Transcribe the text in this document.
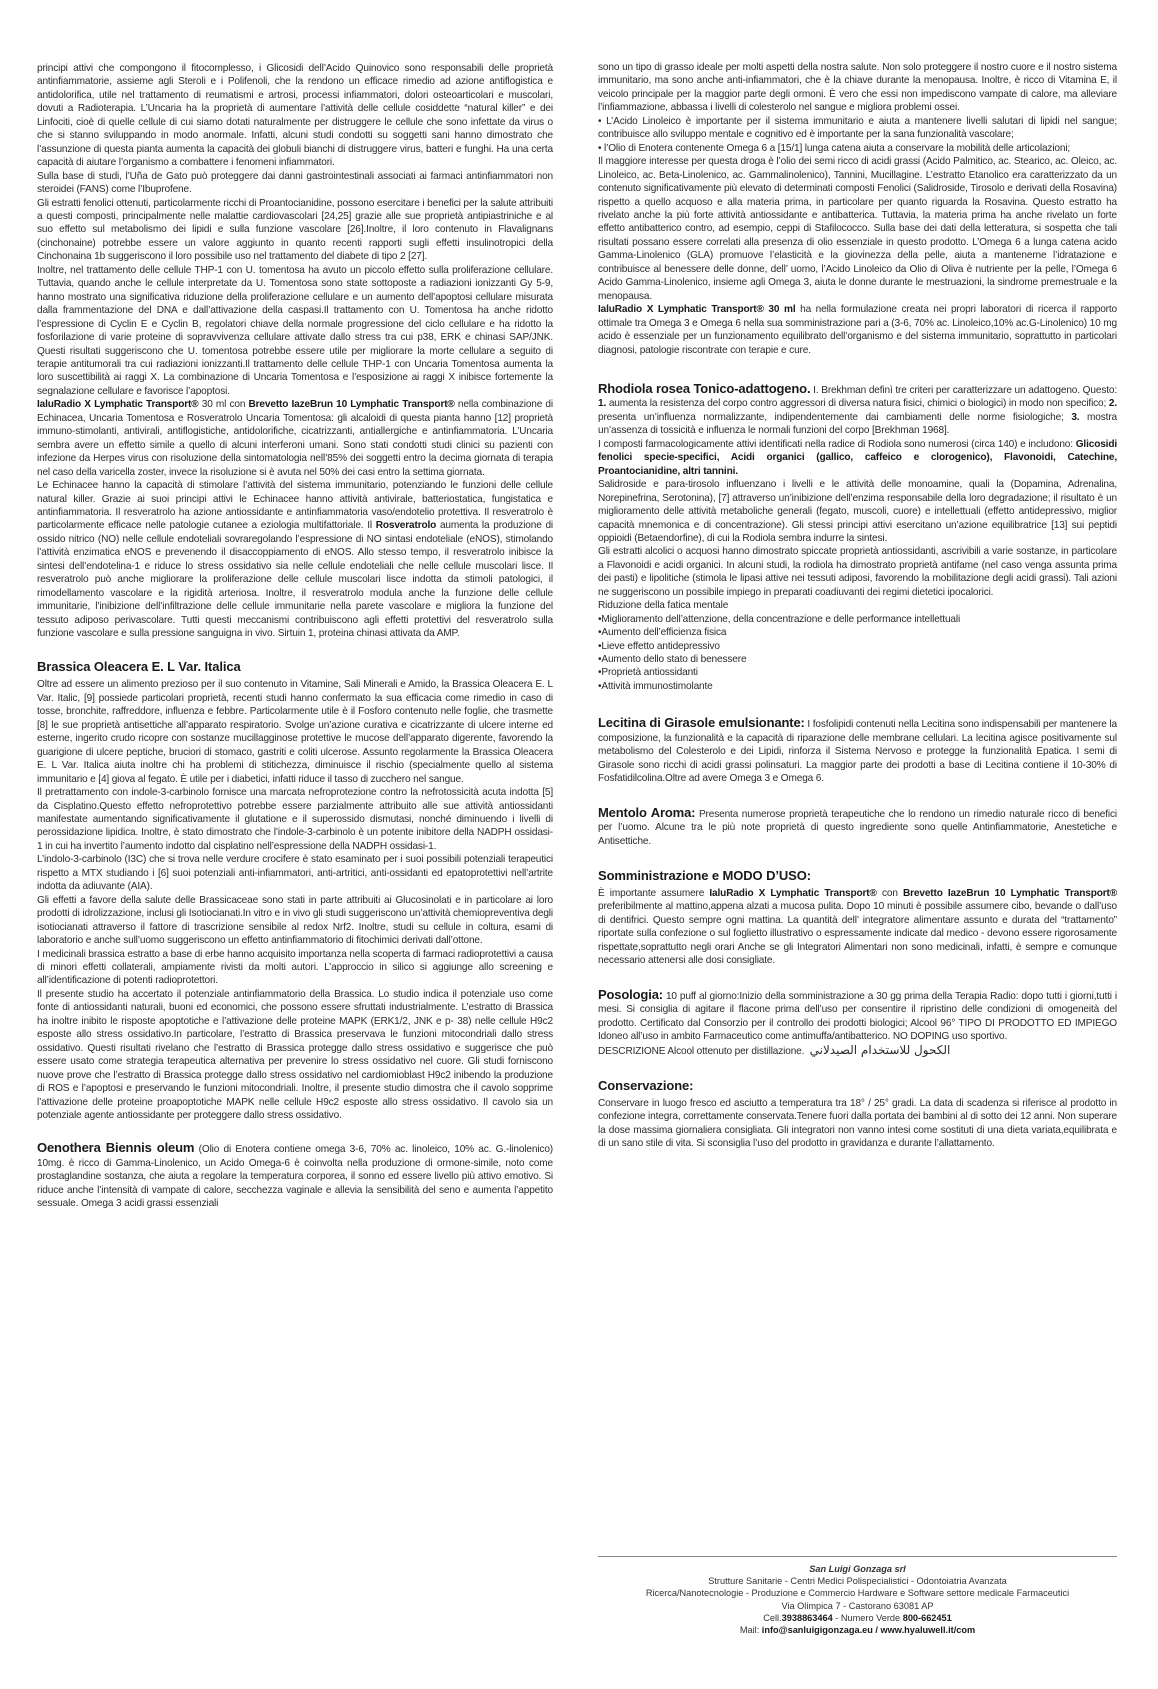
principi attivi che compongono il fitocomplesso, i Glicosidi dell’Acido Quinovico sono responsabili delle proprietà antinfiammatorie, assieme agli Steroli e i Polifenoli, che la rendono un efficace rimedio ad azione antiflogistica e antidolorifica, utile nel trattamento di reumatismi e artrosi, processi infiammatori, dolori osteoarticolari e muscolari, dovuti a Radioterapia. L’Uncaria ha la proprietà di aumentare l’attività delle cellule cosiddette “natural killer” e dei Linfociti, cioè di quelle cellule di cui siamo dotati naturalmente per distruggere le cellule che sono infettate da virus o che si stanno sviluppando in modo anormale. Infatti, alcuni studi condotti su soggetti sani hanno dimostrato che l’assunzione di questa pianta aumenta la capacità dei globuli bianchi di distruggere virus, batteri e funghi. Ha una certa capacità di aiutare l’organismo a combattere i fenomeni infiammatori.

Sulla base di studi, l’Uña de Gato può proteggere dai danni gastrointestinali associati ai farmaci antinfiammatori non steroidei (FANS) come l’Ibuprofene.

Gli estratti fenolici ottenuti, particolarmente ricchi di Proantocianidine, possono esercitare i benefici per la salute attribuiti a questi composti, principalmente nelle malattie cardiovascolari [24,25] grazie alle sue proprietà antipiastriniche e al suo effetto sul metabolismo dei lipidi e sulla funzione vascolare [26].Inoltre, il loro contenuto in Flavalignans (cinchonaine) potrebbe essere un valore aggiunto in quanto recenti rapporti sugli effetti insulinotropici della Cinchonaina 1b suggeriscono il loro possibile uso nel trattamento del diabete di tipo 2 [27].

Inoltre, nel trattamento delle cellule THP-1 con U. tomentosa ha avuto un piccolo effetto sulla proliferazione cellulare. Tuttavia, quando anche le cellule interpretate da U. Tomentosa sono state sottoposte a radiazioni ionizzanti Gy 5-9, hanno mostrato una significativa riduzione della proliferazione cellulare e un aumento dell’apoptosi cellulare misurata dalla frammentazione del DNA e dall’attivazione della caspasi.Il trattamento con U. Tomentosa ha anche ridotto l’espressione di Cyclin E e Cyclin B, regolatori chiave della normale progressione del ciclo cellulare e ha ridotto la fosforilazione di varie proteine di sopravvivenza cellulare attivate dallo stress tra cui p38, ERK e chinasi SAP/JNK. Questi risultati suggeriscono che U. tomentosa potrebbe essere utile per migliorare la morte cellulare a seguito di terapie antitumorali tra cui radiazioni ionizzanti.Il trattamento delle cellule THP-1 con Uncaria Tomentosa aumenta la loro suscettibilità ai raggi X. La combinazione di Uncaria Tomentosa e l’esposizione ai raggi X inibisce fortemente la segnalazione cellulare e favorisce l’apoptosi.

IaluRadio X Lymphatic Transport® 30 ml con Brevetto IazeBrun 10 Lymphatic Transport® nella combinazione di Echinacea, Uncaria Tomentosa e Rosveratrolo Uncaria Tomentosa: gli alcaloidi di questa pianta hanno [12] proprietà immuno-stimolanti, antivirali, antiflogistiche, antidolorifiche, cicatrizzanti, antiallergiche e antinfiammatoria. L’Uncaria sembra avere un effetto simile a quello di alcuni interferoni umani. Sono stati condotti studi clinici su pazienti con infezione da Herpes virus con risoluzione della sintomatologia nell’85% dei soggetti entro la decima giornata di terapia nel caso della varicella zoster, invece la risoluzione si è avuta nel 50% dei casi entro la settima giornata.

Le Echinacee hanno la capacità di stimolare l’attività del sistema immunitario, potenziando le funzioni delle cellule natural killer. Grazie ai suoi principi attivi le Echinacee hanno attività antivirale, batteriostatica, fungistatica e antinfiammatoria. Il resveratrolo ha azione antiossidante e antinfiammatoria vaso/endotelio protettiva. Il resveratrolo è particolarmente efficace nelle patologie cutanee a eziologia multifattoriale. Il Rosveratrolo aumenta la produzione di ossido nitrico (NO) nelle cellule endoteliali sovraregolando l’espressione di NO sintasi endoteliale (eNOS), stimolando l’attività enzimatica eNOS e prevenendo il disaccoppiamento di eNOS. Allo stesso tempo, il resveratrolo inibisce la sintesi dell’endotelina-1 e riduce lo stress ossidativo sia nelle cellule endoteliali che nelle cellule muscolari lisce. Il resveratrolo può anche migliorare la proliferazione delle cellule muscolari lisce indotta da stimoli patologici, il rimodellamento vascolare e la rigidità arteriosa. Inoltre, il resveratrolo modula anche la funzione delle cellule immunitarie, l’inibizione dell’infiltrazione delle cellule immunitarie nella parete vascolare e migliora la funzione del tessuto adiposo perivascolare. Tutti questi meccanismi contribuiscono agli effetti protettivi del resveratrolo sulla funzione vascolare e sulla pressione sanguigna in vivo. Sirtuin 1, proteina chinasi attivata da AMP.

Brassica Oleacera E. L Var. Italica

Oltre ad essere un alimento prezioso per il suo contenuto in Vitamine, Sali Minerali e Amido, la Brassica Oleacera E. L Var. Italic, [9] possiede particolari proprietà, recenti studi hanno confermato la sua efficacia come rimedio in caso di tosse, bronchite, raffreddore, influenza e febbre. Particolarmente utile è il Fosforo contenuto nelle foglie, che trasmette [8] le sue proprietà antisettiche all’apparato respiratorio. Svolge un’azione curativa e cicatrizzante di ulcere interne ed esterne, ingerito crudo ricopre con sostanze mucillagginose protettive le mucose dell’apparato digerente, favorendo la guarigione di ulcere peptiche, bruciori di stomaco, gastriti e coliti ulcerose. Assunto regolarmente la Brassica Oleacera E. L Var. Italica aiuta inoltre chi ha problemi di stitichezza, diminuisce il rischio (specialmente quello al sistema immunitario e [4] giova al fegato. È utile per i diabetici, infatti riduce il tasso di zucchero nel sangue.

Il pretrattamento con indole-3-carbinolo fornisce una marcata nefroprotezione contro la nefrotossicità acuta indotta [5] da Cisplatino.Questo effetto nefroprotettivo potrebbe essere parzialmente attribuito alle sue attività antiossidanti manifestate aumentando significativamente il glutatione e il superossido dismutasi, nonché diminuendo i livelli di perossidazione lipidica. Inoltre, è stato dimostrato che l’indole-3-carbinolo è un potente inibitore della NADPH ossidasi-1 in cui ha invertito l’aumento indotto dal cisplatino nell’espressione della NADPH ossidasi-1.

L’indolo-3-carbinolo (I3C) che si trova nelle verdure crocifere è stato esaminato per i suoi possibili potenziali terapeutici rispetto a MTX studiando i [6] suoi potenziali anti-infiammatori, anti-artritici, anti-ossidanti ed epatoprotettivi nell’artrite indotta da adiuvante (AIA).

Gli effetti a favore della salute delle Brassicaceae sono stati in parte attribuiti ai Glucosinolati e in particolare ai loro prodotti di idrolizzazione, inclusi gli Isotiocianati.In vitro e in vivo gli studi suggeriscono un’attività chemiopreventiva degli isotiocianati attraverso il fattore di trascrizione sensibile al redox Nrf2. Inoltre, studi su cellule in coltura, esami di laboratorio e anche sull’uomo suggeriscono un effetto antinfiammatorio di fitochimici derivati dall’ottone.

I medicinali brassica estratto a base di erbe hanno acquisito importanza nella scoperta di farmaci radioprotettivi a causa di minori effetti collaterali, ampiamente rivisti da molti autori. L’approccio in silico si aggiunge allo screening e all’identificazione di potenti radioprotettori.

Il presente studio ha accertato il potenziale antinfiammatorio della Brassica. Lo studio indica il potenziale uso come fonte di antiossidanti naturali, buoni ed economici, che possono essere sfruttati industrialmente. L’estratto di Brassica ha inoltre inibito le risposte apoptotiche e l’attivazione delle proteine MAPK (ERK1/2, JNK e p- 38) nelle cellule H9c2 esposte allo stress ossidativo.In particolare, l’estratto di Brassica preservava le funzioni mitocondriali dallo stress ossidativo. Questi risultati rivelano che l’estratto di Brassica protegge dallo stress ossidativo e suggerisce che può essere usato come strategia terapeutica alternativa per prevenire lo stress ossidativo nel cuore. Gli studi forniscono nuove prove che l’estratto di Brassica protegge dallo stress ossidativo nel cardiomioblast H9c2 inibendo la produzione di ROS e l’apoptosi e preservando le funzioni mitocondriali. Inoltre, il presente studio dimostra che il cavolo sopprime l’attivazione delle proteine proapoptotiche MAPK nelle cellule H9c2 esposte allo stress ossidativo. Il cavolo sia un potenziale agente antiossidante per proteggere dallo stress ossidativo.

Oenothera Biennis oleum (Olio di Enotera contiene omega 3-6, 70% ac. linoleico, 10% ac. G.-linolenico) 10mg. è ricco di Gamma-Linolenico, un Acido Omega-6 è coinvolta nella produzione di ormone-simile, noto come prostaglandine sostanza, che aiuta a regolare la temperatura corporea, il sonno ed essere livello più attivo emotivo. Si riduce anche l’intensità di vampate di calore, secchezza vaginale e allevia la sensibilità del seno e aumenta l’appetito sessuale. Omega 3 acidi grassi essenziali

sono un tipo di grasso ideale per molti aspetti della nostra salute. Non solo proteggere il nostro cuore e il nostro sistema immunitario, ma sono anche anti-infiammatori, che è la chiave durante la menopausa. Inoltre, è ricco di Vitamina E, il veicolo principale per la maggior parte degli ormoni. È vero che essi non impediscono vampate di calore, ma alleviare l’infiammazione, abbassa i livelli di colesterolo nel sangue e migliora problemi ossei.

• L’Acido Linoleico è importante per il sistema immunitario e aiuta a mantenere livelli salutari di lipidi nel sangue; contribuisce allo sviluppo mentale e cognitivo ed è importante per la sana funzionalità vascolare;

• l’Olio di Enotera contenente Omega 6 a [15/1] lunga catena aiuta a conservare la mobilità delle articolazioni;

Il maggiore interesse per questa droga è l’olio dei semi ricco di acidi grassi (Acido Palmitico, ac. Stearico, ac. Oleico, ac. Linoleico, ac. Beta-Linolenico, ac. Gammalinolenico), Tannini, Mucillagine. L’estratto Etanolico era caratterizzato da un contenuto significativamente più elevato di determinati composti Fenolici (Salidroside, Tirosolo e derivati della Rosavina) rispetto a quello acquoso e alla materia prima, in particolare per quanto riguarda la Rosavina. Questo estratto ha rivelato anche la più forte attività antiossidante e antibatterica. Tuttavia, la materia prima ha anche rivelato un forte effetto antibatterico contro, ad esempio, ceppi di Stafilococco. Sulla base dei dati della letteratura, si sospetta che tali risultati possano essere correlati alla presenza di olio essenziale in questo prodotto. L’Omega 6 a lunga catena acido Gamma-Linolenico (GLA) promuove l’elasticità e la giovinezza della pelle, aiuta a mantenerne l’idratazione e contribuisce al benessere delle donne, dell’ uomo, l’Acido Linoleico da Olio di Oliva è nutriente per la pelle, l’Omega 6 Acido Gamma-Linolenico, insieme agli Omega 3, aiuta le donne durante le mestruazioni, la sindrome premestruale e la menopausa.

IaluRadio X Lymphatic Transport® 30 ml ha nella formulazione creata nei propri laboratori di ricerca il rapporto ottimale tra Omega 3 e Omega 6 nella sua somministrazione pari a (3-6, 70% ac. Linoleico,10% ac.G-Linolenico) 10 mg acido è essenziale per un funzionamento equilibrato dell’organismo e del sistema immunitario, soprattutto in particolari diagnosi, patologie riscontrate con terapie e cure.

Rhodiola rosea Tonico-adattogeno. I. Brekhman definì tre criteri per caratterizzare un adattogeno. Questo: 1. aumenta la resistenza del corpo contro aggressori di diversa natura fisici, chimici o biologici) in modo non specifico; 2. presenta un’influenza normalizzante, indipendentemente dai cambiamenti delle norme fisiologiche; 3. mostra un’assenza di tossicità e influenza le normali funzioni del corpo [Brekhman 1968].

I composti farmacologicamente attivi identificati nella radice di Rodiola sono numerosi (circa 140) e includono: Glicosidi fenolici specie-specifici, Acidi organici (gallico, caffeico e clorogenico), Flavonoidi, Catechine, Proantocianidine, altri tannini.

Salidroside e para-tirosolo influenzano i livelli e le attività delle monoamine, quali la (Dopamina, Adrenalina, Norepinefrina, Serotonina), [7] attraverso un’inibizione dell’enzima responsabile della loro degradazione; il risultato è un miglioramento delle attività metaboliche generali (fegato, muscoli, cuore) e intellettuali (effetto antidepressivo, miglior capacità mnemonica e di concentrazione). Gli stessi principi attivi esercitano un’azione equilibratrice [13] sui peptidi oppioidi (Betaendorfine), di cui la Rodiola sembra indurre la sintesi.

Gli estratti alcolici o acquosi hanno dimostrato spiccate proprietà antiossidanti, ascrivibili a varie sostanze, in particolare a Flavonoidi e acidi organici. In alcuni studi, la rodiola ha dimostrato proprietà antifame (nel caso venga assunta prima dei pasti) e lipolitiche (stimola le lipasi attive nei tessuti adiposi, favorendo la mobilitazione degli acidi grassi). Tali azioni ne suggeriscono un possibile impiego in preparati coadiuvanti dei regimi dietetici ipocalorici.

Riduzione della fatica mentale

•Miglioramento dell’attenzione, della concentrazione e delle performance intellettuali

•Aumento dell’efficienza fisica

•Lieve effetto antidepressivo

•Aumento dello stato di benessere

•Proprietà antiossidanti

•Attività immunostimolante

Lecitina di Girasole emulsionante: I fosfolipidi contenuti nella Lecitina sono indispensabili per mantenere la composizione, la funzionalità e la capacità di riparazione delle membrane cellulari. La lecitina agisce positivamente sul metabolismo del Colesterolo e dei Lipidi, rinforza il Sistema Nervoso e protegge la funzionalità Epatica. I semi di Girasole sono ricchi di acidi grassi polinsaturi. La maggior parte dei prodotti a base di Lecitina contiene il 10-30% di Fosfatidilcolina.Oltre ad avere Omega 3 e Omega 6.

Mentolo Aroma: Presenta numerose proprietà terapeutiche che lo rendono un rimedio naturale ricco di benefici per l’uomo. Alcune tra le più note proprietà di questo ingrediente sono quelle Antinfiammatorie, Anestetiche e Antisettiche.

Somministrazione e MODO D’USO:

È importante assumere IaluRadio X Lymphatic Transport® con Brevetto IazeBrun 10 Lymphatic Transport® preferibilmente al mattino,appena alzati a mucosa pulita. Dopo 10 minuti è possibile assumere cibo, bevande o dall’uso di dentifrici. Questo sempre ogni mattina. La quantità dell’ integratore alimentare assunto e durata del “trattamento” riportate sulla confezione o sul foglietto illustrativo o espressamente indicate dal medico - devono essere rigorosamente rispettate,soprattutto negli orari Anche se gli Integratori Alimentari non sono medicinali, infatti, è sempre e comunque necessario attenersi alle dosi consigliate.

Posologia: 10 puff al giorno:Inizio della somministrazione a 30 gg prima della Terapia Radio: dopo tutti i giorni,tutti i mesi. Si consiglia di agitare il flacone prima dell’uso per consentire il ripristino delle condizioni di omogeneità del prodotto. Certificato dal Consorzio per il controllo dei prodotti biologici; Alcool 96° TIPO DI PRODOTTO ED IMPIEGO Idoneo all’uso in ambito Farmaceutico come antimuffa/antibatterico. NO DOPING uso sportivo.

DESCRIZIONE Alcool ottenuto per distillazione. الكحول للاستخدام الصيدلاني

Conservazione:

Conservare in luogo fresco ed asciutto a temperatura tra 18° / 25° gradi. La data di scadenza si riferisce al prodotto in confezione integra, correttamente conservata.Tenere fuori dalla portata dei bambini al di sotto dei 12 anni. Non superare la dose massima giornaliera consigliata. Gli integratori non vanno intesi come sostituti di una dieta variata,equilibrata e di un sano stile di vita. Si sconsiglia l’uso del prodotto in gravidanza e durante l’allattamento.

San Luigi Gonzaga srl
Strutture Sanitarie - Centri Medici Polispecialistici - Odontoiatria Avanzata
Ricerca/Nanotecnologie - Produzione e Commercio Hardware e Software settore medicale Farmaceutici
Via Olimpica 7 - Castorano 63081 AP
Cell.3938863464 - Numero Verde 800-662451
Mail: info@sanluigigonzaga.eu / www.hyaluwell.it/com
